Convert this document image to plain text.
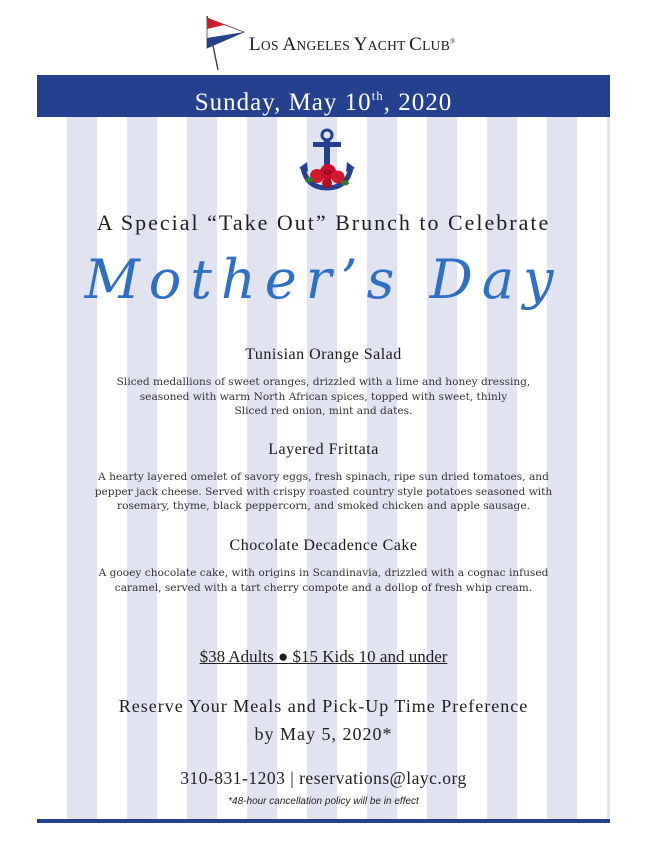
LOS ANGELES YACHT CLUB®
Sunday, May 10th, 2020
A Special “Take Out” Brunch to Celebrate
Mother’s Day
Tunisian Orange Salad
Sliced medallions of sweet oranges, drizzled with a lime and honey dressing,
seasoned with warm North African spices, topped with sweet, thinly
Sliced red onion, mint and dates.
Layered Frittata
A hearty layered omelet of savory eggs, fresh spinach, ripe sun dried tomatoes, and
pepper jack cheese. Served with crispy roasted country style potatoes seasoned with
rosemary, thyme, black peppercorn, and smoked chicken and apple sausage.
Chocolate Decadence Cake
A gooey chocolate cake, with origins in Scandinavia, drizzled with a cognac infused
caramel, served with a tart cherry compote and a dollop of fresh whip cream.
$38 Adults ● $15 Kids 10 and under
Reserve Your Meals and Pick-Up Time Preference
by May 5, 2020*
310-831-1203 | reservations@layc.org
*48-hour cancellation policy will be in effect
